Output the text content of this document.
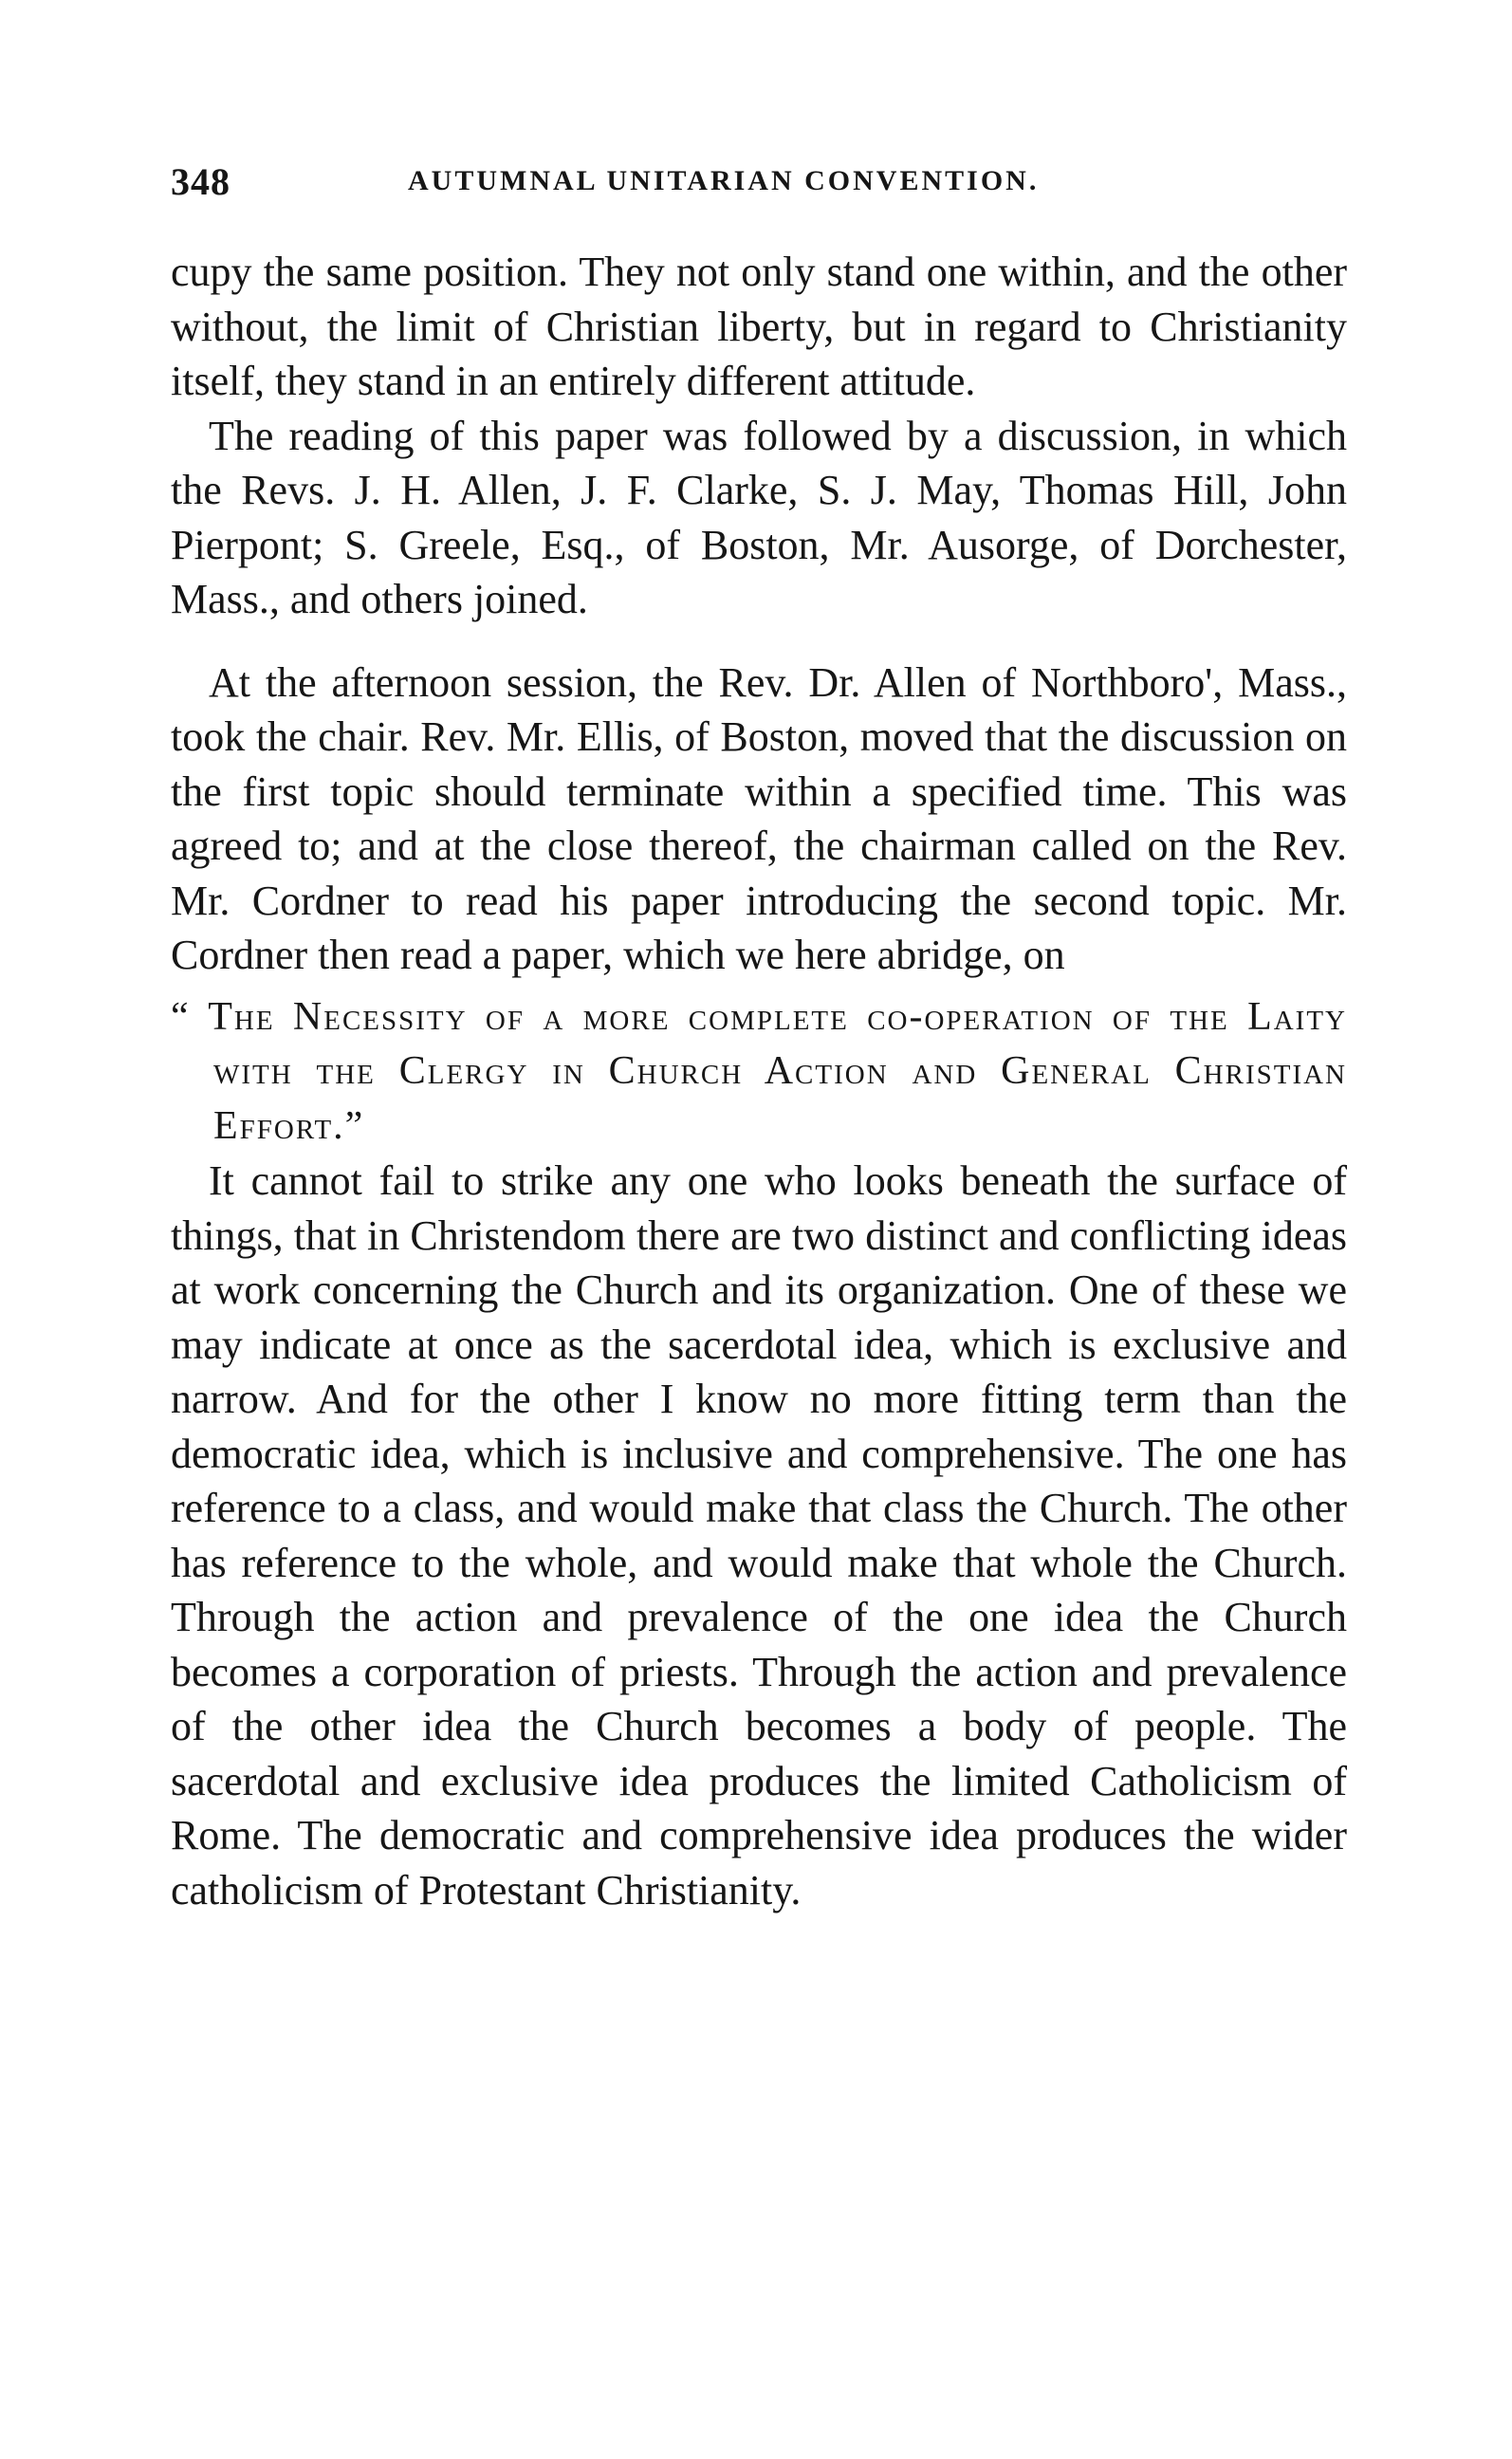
348	AUTUMNAL UNITARIAN CONVENTION.

cupy the same position. They not only stand one within, and the other without, the limit of Christian liberty, but in regard to Christianity itself, they stand in an entirely different attitude.

The reading of this paper was followed by a discussion, in which the Revs. J. H. Allen, J. F. Clarke, S. J. May, Thomas Hill, John Pierpont; S. Greele, Esq., of Boston, Mr. Ausorge, of Dorchester, Mass., and others joined.

At the afternoon session, the Rev. Dr. Allen of Northboro', Mass., took the chair. Rev. Mr. Ellis, of Boston, moved that the discussion on the first topic should terminate within a specified time. This was agreed to; and at the close thereof, the chairman called on the Rev. Mr. Cordner to read his paper introducing the second topic. Mr. Cordner then read a paper, which we here abridge, on

“ The Necessity of a more complete co-operation of the Laity with the Clergy in Church Action and General Christian Effort.”

It cannot fail to strike any one who looks beneath the surface of things, that in Christendom there are two distinct and conflicting ideas at work concerning the Church and its organization. One of these we may indicate at once as the sacerdotal idea, which is exclusive and narrow. And for the other I know no more fitting term than the democratic idea, which is inclusive and comprehensive. The one has reference to a class, and would make that class the Church. The other has reference to the whole, and would make that whole the Church. Through the action and prevalence of the one idea the Church becomes a corporation of priests. Through the action and prevalence of the other idea the Church becomes a body of people. The sacerdotal and exclusive idea produces the limited Catholicism of Rome. The democratic and comprehensive idea produces the wider catholicism of Protestant Christianity.
